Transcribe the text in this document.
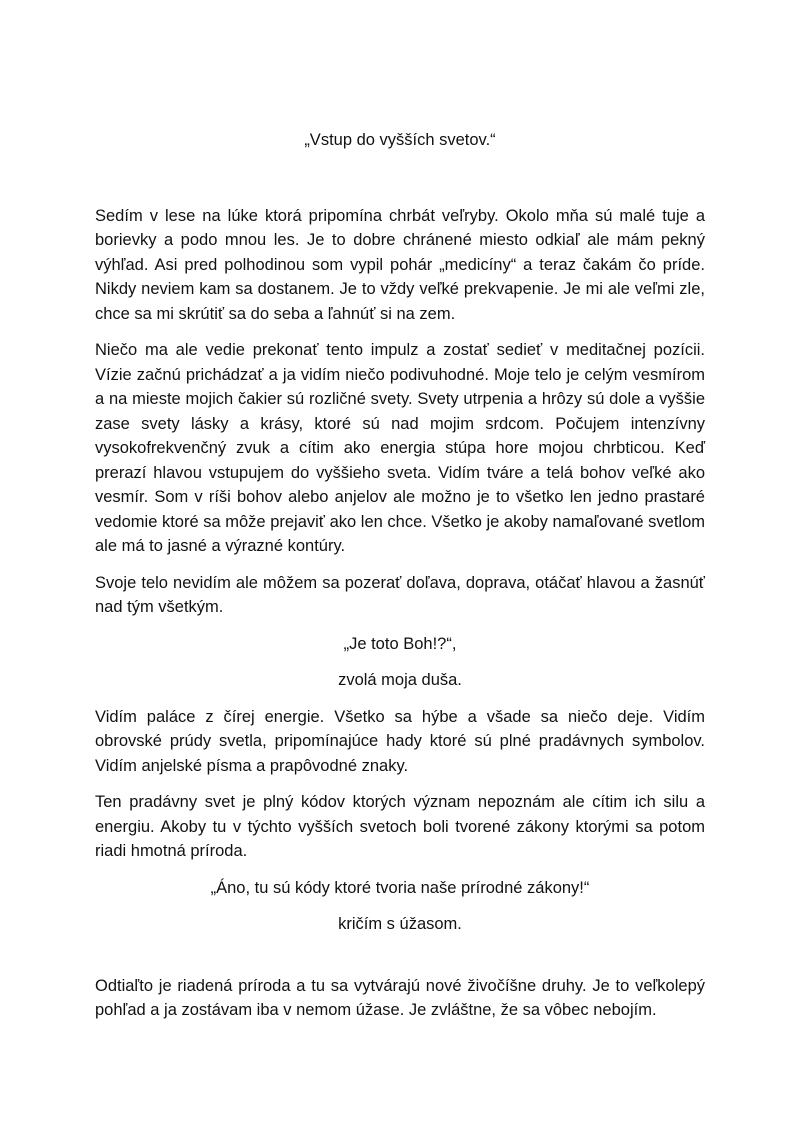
„Vstup do vyšších svetov.“

Sedím v lese na lúke ktorá pripomína chrbát veľryby. Okolo mňa sú malé tuje a borievky a podo mnou les. Je to dobre chránené miesto odkiaľ ale mám pekný výhľad. Asi pred polhodinou som vypil pohár „medicíny“ a teraz čakám čo príde. Nikdy neviem kam sa dostanem. Je to vždy veľké prekvapenie. Je mi ale veľmi zle, chce sa mi skrútiť sa do seba a ľahnúť si na zem.

Niečo ma ale vedie prekonať tento impulz a zostať sedieť v meditačnej pozícii. Vízie začnú prichádzať a ja vidím niečo podivuhodné. Moje telo je celým vesmírom a na mieste mojich čakier sú rozličné svety. Svety utrpenia a hrôzy sú dole a vyššie zase svety lásky a krásy, ktoré sú nad mojim srdcom. Počujem intenzívny vysokofrekvenčný zvuk a cítim ako energia stúpa hore mojou chrbticou. Keď prerazí hlavou vstupujem do vyššieho sveta. Vidím tváre a telá bohov veľké ako vesmír. Som v ríši bohov alebo anjelov ale možno je to všetko len jedno prastaré vedomie ktoré sa môže prejaviť ako len chce. Všetko je akoby namaľované svetlom ale má to jasné a výrazné kontúry.

Svoje telo nevidím ale môžem sa pozerať doľava, doprava, otáčať hlavou a žasnúť nad tým všetkým.

„Je toto Boh!?“,

zvolá moja duša.

Vidím paláce z čírej energie. Všetko sa hýbe a všade sa niečo deje. Vidím obrovské prúdy svetla, pripomínajúce hady ktoré sú plné pradávnych symbolov. Vidím anjelské písma a prapôvodné znaky.

Ten pradávny svet je plný kódov ktorých význam nepoznám ale cítim ich silu a energiu. Akoby tu v týchto vyšších svetoch boli tvorené zákony ktorými sa potom riadi hmotná príroda.

„Áno, tu sú kódy ktoré tvoria naše prírodné zákony!“

kričím s úžasom.

Odtiaľto je riadená príroda a tu sa vytvárajú nové živočíšne druhy. Je to veľkolepý pohľad a ja zostávam iba v nemom úžase. Je zvláštne, že sa vôbec nebojím.
